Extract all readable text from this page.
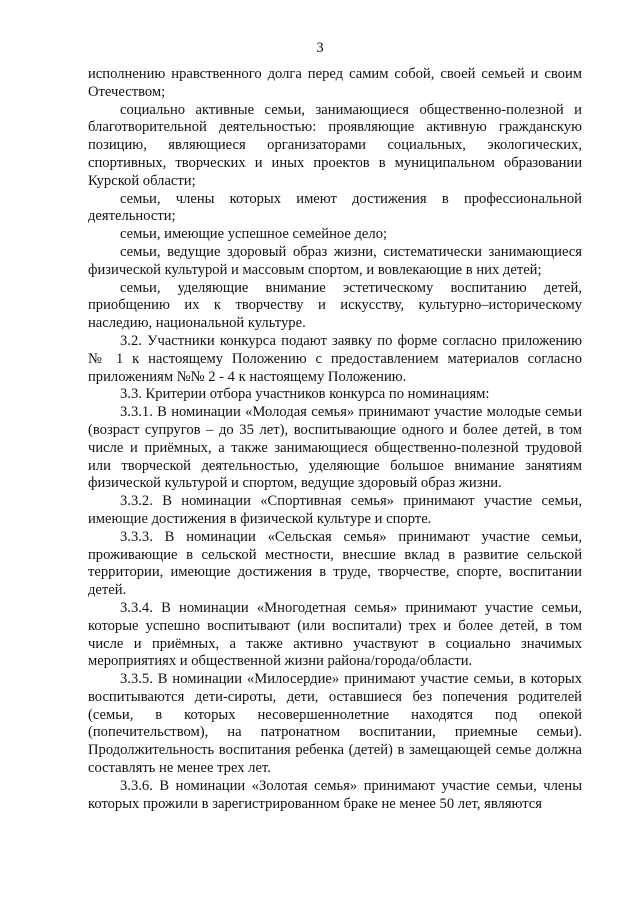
3

исполнению нравственного долга перед самим собой, своей семьей и своим Отечеством;

социально активные семьи, занимающиеся общественно-полезной и благотворительной деятельностью: проявляющие активную гражданскую позицию, являющиеся организаторами социальных, экологических, спортивных, творческих и иных проектов в муниципальном образовании Курской области;

семьи, члены которых имеют достижения в профессиональной деятельности;

семьи, имеющие успешное семейное дело;

семьи, ведущие здоровый образ жизни, систематически занимающиеся физической культурой и массовым спортом, и вовлекающие в них детей;

семьи, уделяющие внимание эстетическому воспитанию детей, приобщению их к творчеству и искусству, культурно–историческому наследию, национальной культуре.

3.2. Участники конкурса подают заявку по форме согласно приложению № 1 к настоящему Положению с предоставлением материалов согласно приложениям №№ 2 - 4 к настоящему Положению.

3.3. Критерии отбора участников конкурса по номинациям:

3.3.1. В номинации «Молодая семья» принимают участие молодые семьи (возраст супругов – до 35 лет), воспитывающие одного и более детей, в том числе и приёмных, а также занимающиеся общественно-полезной трудовой или творческой деятельностью, уделяющие большое внимание занятиям физической культурой и спортом, ведущие здоровый образ жизни.

3.3.2. В номинации «Спортивная семья» принимают участие семьи, имеющие достижения в физической культуре и спорте.

3.3.3. В номинации «Сельская семья» принимают участие семьи, проживающие в сельской местности, внесшие вклад в развитие сельской территории, имеющие достижения в труде, творчестве, спорте, воспитании детей.

3.3.4. В номинации «Многодетная семья» принимают участие семьи, которые успешно воспитывают (или воспитали) трех и более детей, в том числе и приёмных, а также активно участвуют в социально значимых мероприятиях и общественной жизни района/города/области.

3.3.5. В номинации «Милосердие» принимают участие семьи, в которых воспитываются дети-сироты, дети, оставшиеся без попечения родителей (семьи, в которых несовершеннолетние находятся под опекой (попечительством), на патронатном воспитании, приемные семьи). Продолжительность воспитания ребенка (детей) в замещающей семье должна составлять не менее трех лет.

3.3.6. В номинации «Золотая семья» принимают участие семьи, члены которых прожили в зарегистрированном браке не менее 50 лет, являются
